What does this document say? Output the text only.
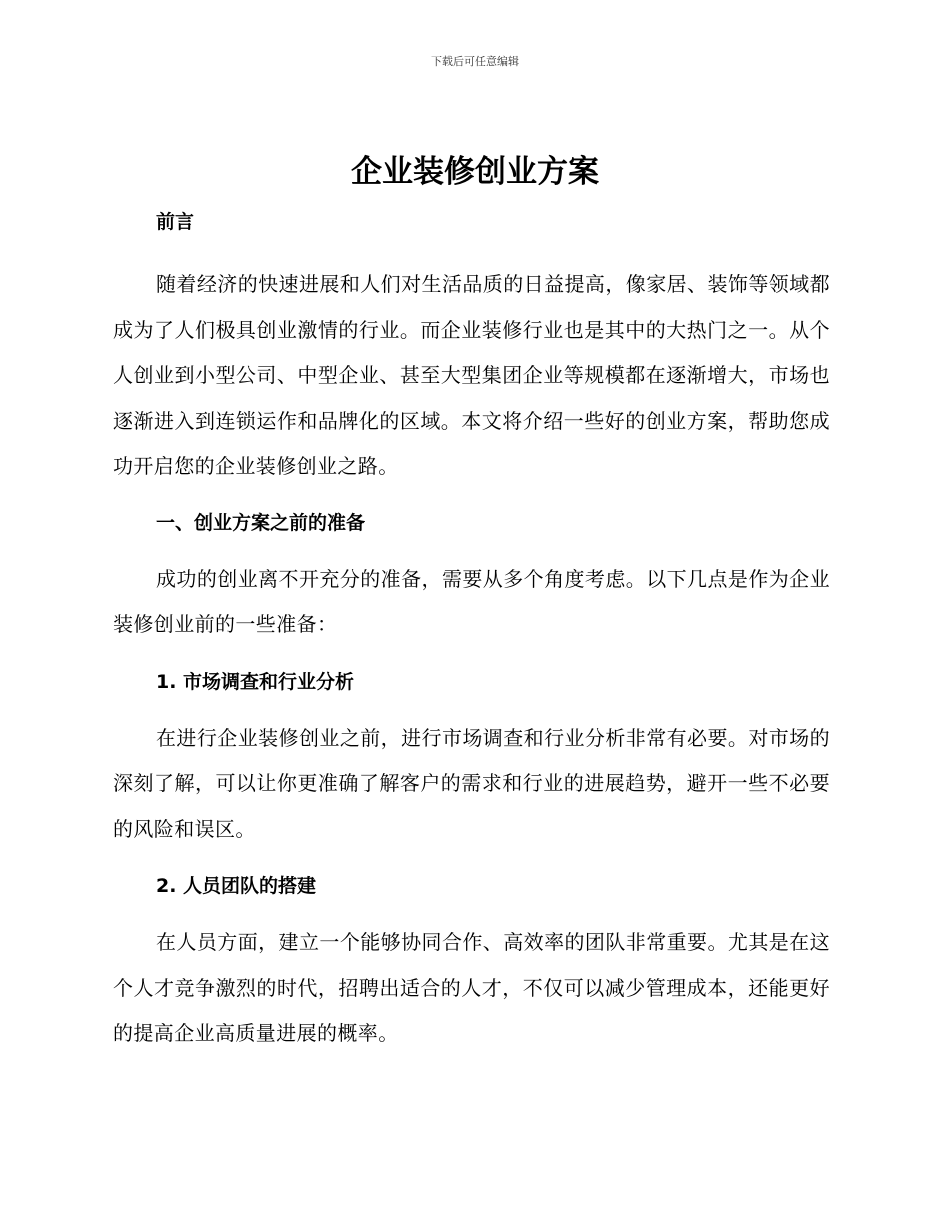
下载后可任意编辑
企业装修创业方案
前言

随着经济的快速进展和人们对生活品质的日益提高，像家居、装饰等领域都成为了人们极具创业激情的行业。而企业装修行业也是其中的大热门之一。从个人创业到小型公司、中型企业、甚至大型集团企业等规模都在逐渐增大，市场也逐渐进入到连锁运作和品牌化的区域。本文将介绍一些好的创业方案，帮助您成功开启您的企业装修创业之路。

一、创业方案之前的准备

成功的创业离不开充分的准备，需要从多个角度考虑。以下几点是作为企业装修创业前的一些准备：

1. 市场调查和行业分析

在进行企业装修创业之前，进行市场调查和行业分析非常有必要。对市场的深刻了解，可以让你更准确了解客户的需求和行业的进展趋势，避开一些不必要的风险和误区。

2. 人员团队的搭建

在人员方面，建立一个能够协同合作、高效率的团队非常重要。尤其是在这个人才竞争激烈的时代，招聘出适合的人才，不仅可以减少管理成本，还能更好的提高企业高质量进展的概率。
